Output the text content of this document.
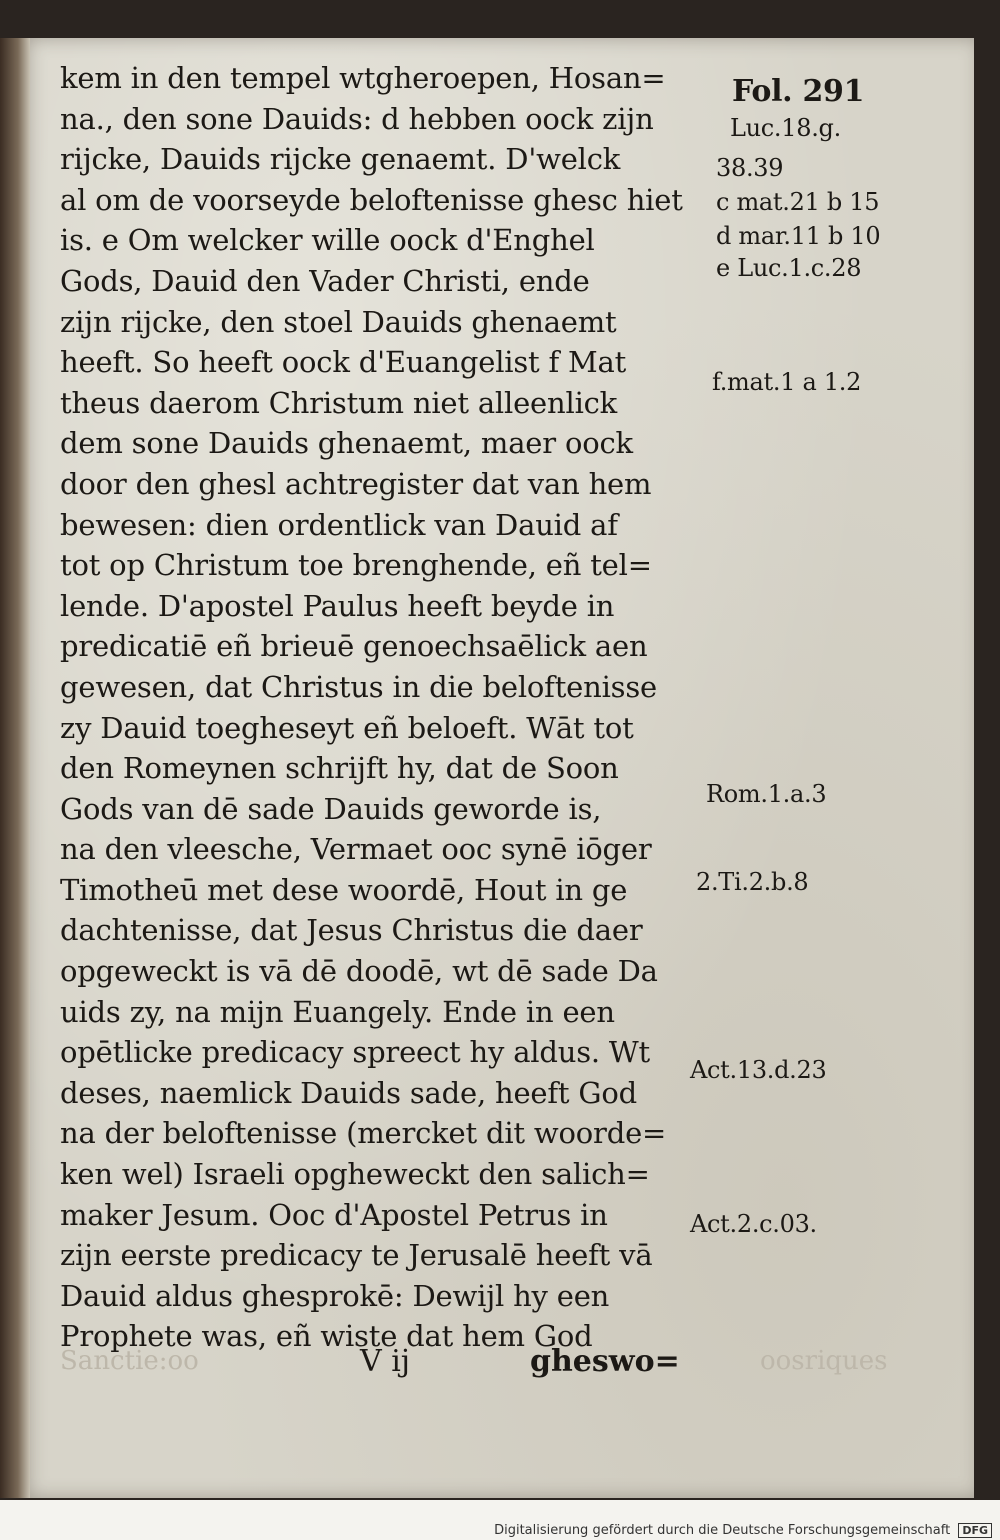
kem in den tempel wtgheroepen, Hosan=
na., den sone Dauids: d hebben oock zijn
rijcke, Dauids rijcke genaemt. D'welck
al om de voorseyde beloftenisse ghesc hiet
is. e Om welcker wille oock d'Enghel
Gods, Dauid den Vader Christi, ende
zijn rijcke, den stoel Dauids ghenaemt
heeft. So heeft oock d'Euangelist f Mat
theus daerom Christum niet alleenlick
dem sone Dauids ghenaemt, maer oock
door den ghesl achtregister dat van hem
bewesen: dien ordentlick van Dauid af
tot op Christum toe brenghende, eñ tel=
lende. D'apostel Paulus heeft beyde in
predicatiē eñ brieuē genoechsaēlick aen
gewesen, dat Christus in die beloftenisse
zy Dauid toegheseyt eñ beloeft. Wāt tot
den Romeynen schrijft hy, dat de Soon
Gods van dē sade Dauids geworde is,
na den vleesche, Vermaet ooc synē iōger
Timotheū met dese woordē, Hout in ge
dachtenisse, dat Jesus Christus die daer
opgeweckt is vā dē doodē, wt dē sade Da
uids zy, na mijn Euangely. Ende in een
opētlicke predicacy spreect hy aldus. Wt
deses, naemlick Dauids sade, heeft God
na der beloftenisse (mercket dit woorde=
ken wel) Israeli opgheweckt den salich=
maker Jesum. Ooc d'Apostel Petrus in
zijn eerste predicacy te Jerusalē heeft vā
Dauid aldus ghesprokē: Dewijl hy een
Prophete was, eñ wiste dat hem God
Fol. 291
Luc.18.g.
38.39
c mat.21 b 15
d mar.11 b 10
e Luc.1.c.28
f.mat.1 a 1.2
Rom.1.a.3
2.Ti.2.b.8
Act.13.d.23
Act.2.c.03.
Sanctie:oo	oosriques
V ij	gheswo=
Digitalisierung gefördert durch die Deutsche Forschungsgemeinschaft DFG
